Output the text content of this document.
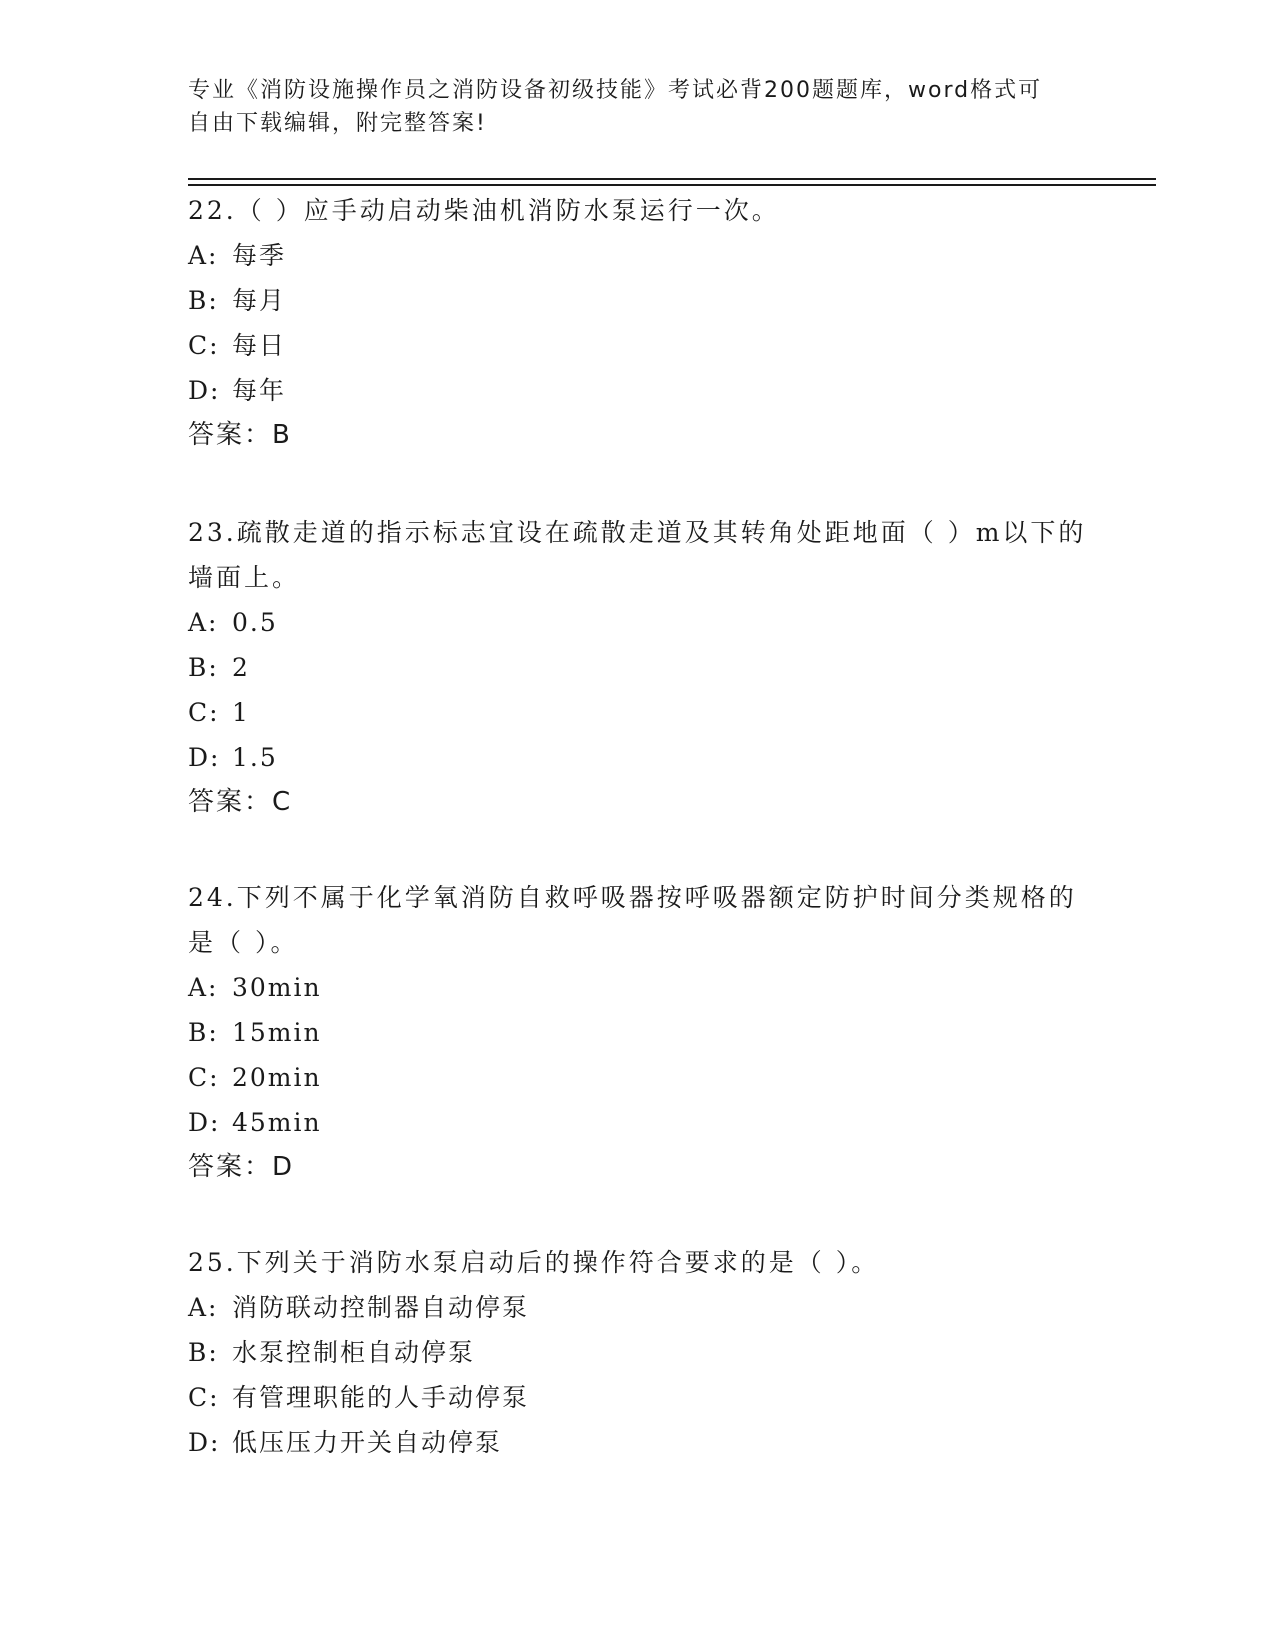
专业《消防设施操作员之消防设备初级技能》考试必背200题题库，word格式可
自由下载编辑，附完整答案!
22.（ ）应手动启动柴油机消防水泵运行一次。
A: 每季
B: 每月
C: 每日
D: 每年
答案：B
23.疏散走道的指示标志宜设在疏散走道及其转角处距地面（ ）m以下的墙面上。
A: 0.5
B: 2
C: 1
D: 1.5
答案：C
24.下列不属于化学氧消防自救呼吸器按呼吸器额定防护时间分类规格的是（ ）。
A: 30min
B: 15min
C: 20min
D: 45min
答案：D
25.下列关于消防水泵启动后的操作符合要求的是（ ）。
A: 消防联动控制器自动停泵
B: 水泵控制柜自动停泵
C: 有管理职能的人手动停泵
D: 低压压力开关自动停泵
